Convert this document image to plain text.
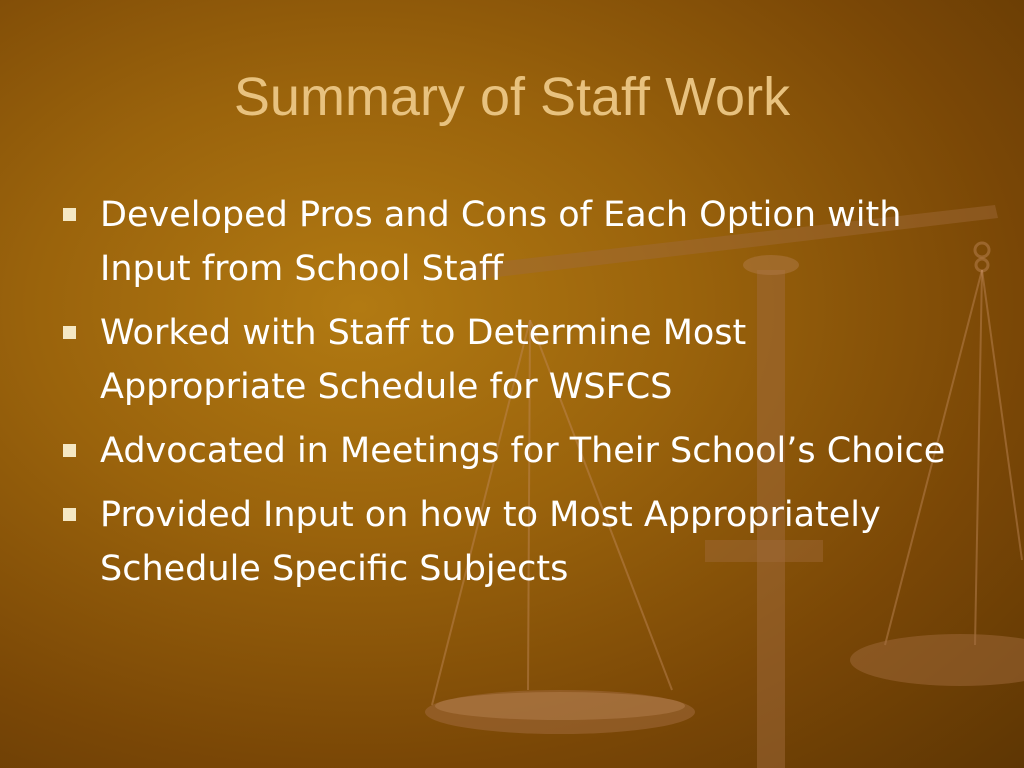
Summary of Staff Work
Developed Pros and Cons of Each Option with Input from School Staff
Worked with Staff to Determine Most Appropriate Schedule for WSFCS
Advocated in Meetings for Their School’s Choice
Provided Input on how to Most Appropriately Schedule Specific Subjects
